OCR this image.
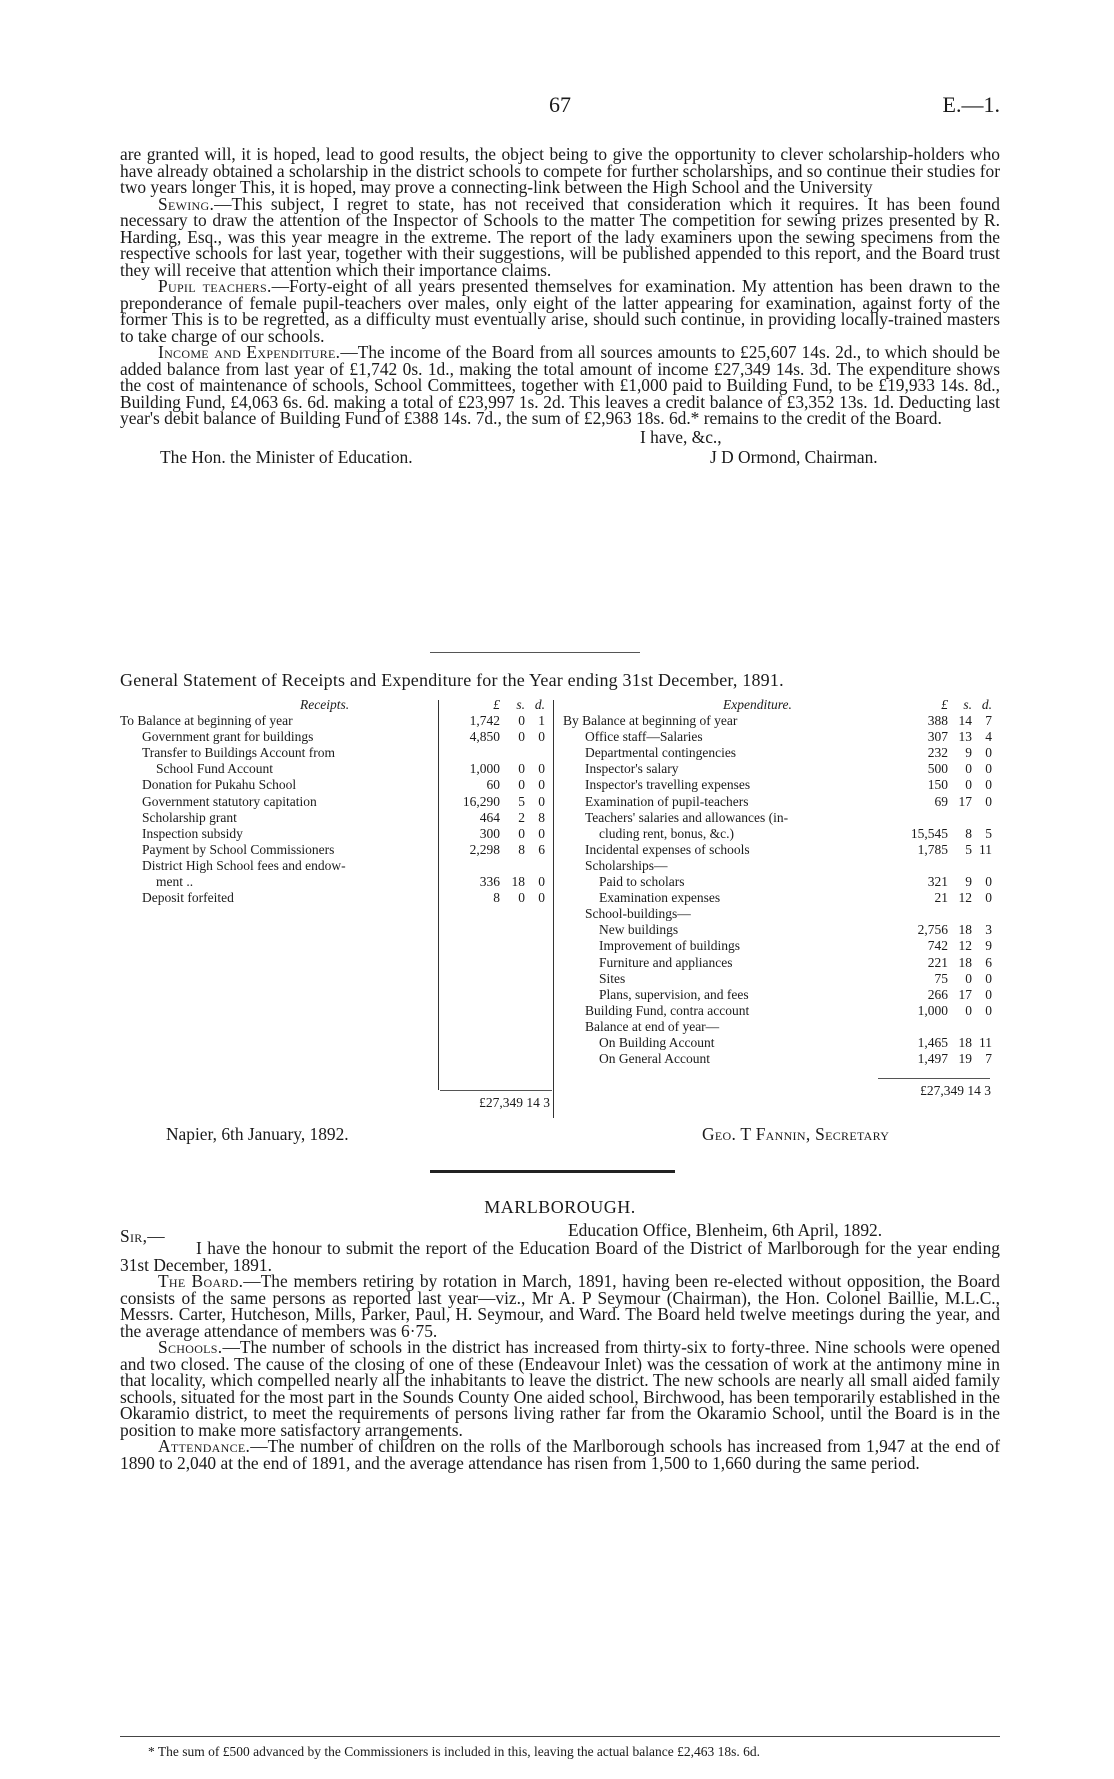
67	E.—1.

are granted will, it is hoped, lead to good results, the object being to give the opportunity to clever scholarship-holders who have already obtained a scholarship in the district schools to compete for further scholarships, and so continue their studies for two years longer This, it is hoped, may prove a connecting-link between the High School and the University

Sewing.—This subject, I regret to state, has not received that consideration which it requires. It has been found necessary to draw the attention of the Inspector of Schools to the matter The competition for sewing prizes presented by R. Harding, Esq., was this year meagre in the extreme. The report of the lady examiners upon the sewing specimens from the respective schools for last year, together with their suggestions, will be published appended to this report, and the Board trust they will receive that attention which their importance claims.

Pupil teachers.—Forty-eight of all years presented themselves for examination. My attention has been drawn to the preponderance of female pupil-teachers over males, only eight of the latter appearing for examination, against forty of the former This is to be regretted, as a difficulty must eventually arise, should such continue, in providing locally-trained masters to take charge of our schools.

Income and Expenditure.—The income of the Board from all sources amounts to £25,607 14s. 2d., to which should be added balance from last year of £1,742 0s. 1d., making the total amount of income £27,349 14s. 3d. The expenditure shows the cost of maintenance of schools, School Committees, together with £1,000 paid to Building Fund, to be £19,933 14s. 8d., Building Fund, £4,063 6s. 6d. making a total of £23,997 1s. 2d. This leaves a credit balance of £3,352 13s. 1d. Deducting last year's debit balance of Building Fund of £388 14s. 7d., the sum of £2,963 18s. 6d.* remains to the credit of the Board.

I have, &c.,
The Hon. the Minister of Education.	J D Ormond, Chairman.
General Statement of Receipts and Expenditure for the Year ending 31st December, 1891.
Receipts.	£	s. d.
To Balance at beginning of year	1,742	0 1
Government grant for buildings	4,850	0 0
Transfer to Buildings Account from
School Fund Account	1,000	0 0
Donation for Pukahu School	60	0 0
Government statutory capitation	16,290	5 0
Scholarship grant	464	2 8
Inspection subsidy	300	0 0
Payment by School Commissioners	2,298	8 6
District High School fees and endow-
ment ..	336 18 0
Deposit forfeited	8	0 0
£27,349 14 3
Expenditure.	£	s. d.
By Balance at beginning of year	388 14 7
Office staff—Salaries	307 13 4
Departmental contingencies	232	9 0
Inspector's salary	500	0 0
Inspector's travelling expenses	150	0 0
Examination of pupil-teachers	69 17 0
Teachers' salaries and allowances (in-
cluding rent, bonus, &c.)	15,545	8 5
Incidental expenses of schools	1,785	5 11
Scholarships—
Paid to scholars	321	9 0
Examination expenses	21 12 0
School-buildings—
New buildings	2,756 18 3
Improvement of buildings	742 12 9
Furniture and appliances	221 18 6
Sites	75	0 0
Plans, supervision, and fees	266 17 0
Building Fund, contra account	1,000	0 0
Balance at end of year—
On Building Account	1,465 18 11
On General Account	1,497 19 7
£27,349 14 3
Napier, 6th January, 1892.	Geo. T Fannin, Secretary
MARLBOROUGH.
Sir,—	Education Office, Blenheim, 6th April, 1892.

I have the honour to submit the report of the Education Board of the District of Marlborough for the year ending 31st December, 1891.

The Board.—The members retiring by rotation in March, 1891, having been re-elected without opposition, the Board consists of the same persons as reported last year—viz., Mr A. P Seymour (Chairman), the Hon. Colonel Baillie, M.L.C., Messrs. Carter, Hutcheson, Mills, Parker, Paul, H. Seymour, and Ward. The Board held twelve meetings during the year, and the average attendance of members was 6·75.

Schools.—The number of schools in the district has increased from thirty-six to forty-three. Nine schools were opened and two closed. The cause of the closing of one of these (Endeavour Inlet) was the cessation of work at the antimony mine in that locality, which compelled nearly all the inhabitants to leave the district. The new schools are nearly all small aided family schools, situated for the most part in the Sounds County One aided school, Birchwood, has been temporarily established in the Okaramio district, to meet the requirements of persons living rather far from the Okaramio School, until the Board is in the position to make more satisfactory arrangements.

Attendance.—The number of children on the rolls of the Marlborough schools has increased from 1,947 at the end of 1890 to 2,040 at the end of 1891, and the average attendance has risen from 1,500 to 1,660 during the same period.

* The sum of £500 advanced by the Commissioners is included in this, leaving the actual balance £2,463 18s. 6d.
